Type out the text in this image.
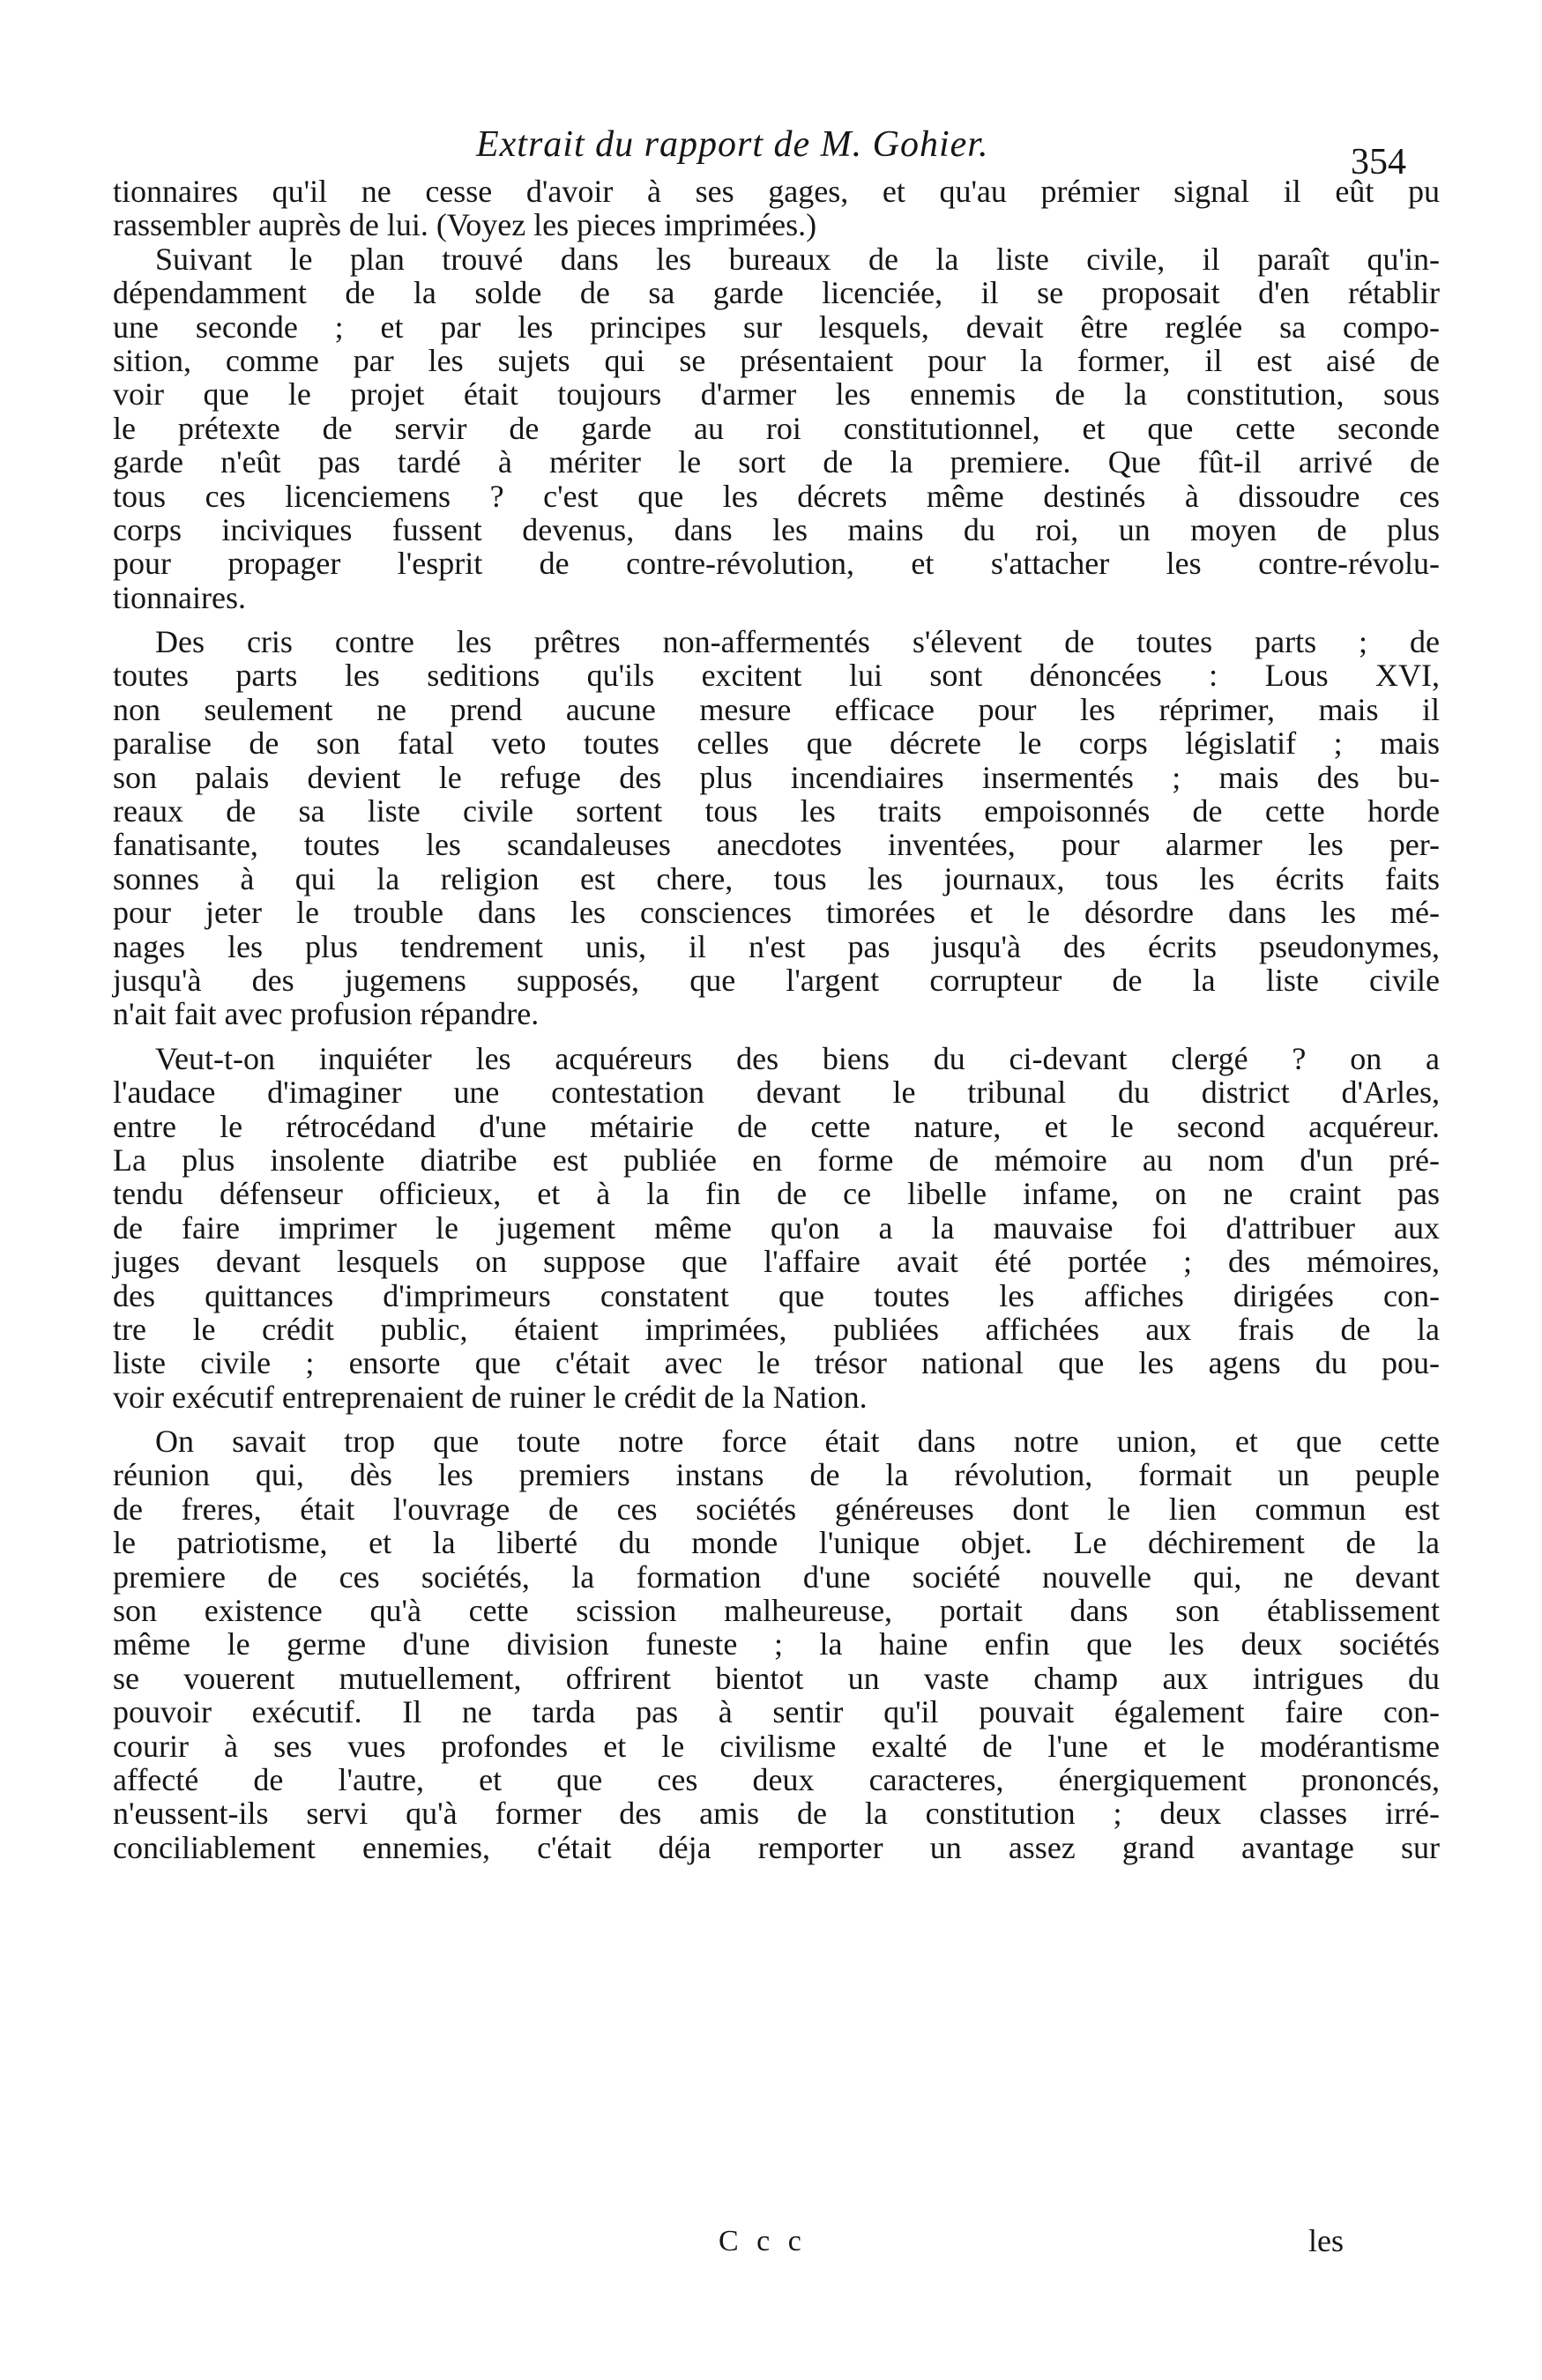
Extrait du rapport de M. Gohier.	354

tionnaires qu'il ne cesse d'avoir à ses gages, et qu'au prémier signal il eût pu
rassembler auprès de lui. (Voyez les pieces imprimées.)

Suivant le plan trouvé dans les bureaux de la liste civile, il paraît qu'in-
dépendamment de la solde de sa garde licenciée, il se proposait d'en rétablir
une seconde ; et par les principes sur lesquels, devait être reglée sa compo-
sition, comme par les sujets qui se présentaient pour la former, il est aisé de
voir que le projet était toujours d'armer les ennemis de la constitution, sous
le prétexte de servir de garde au roi constitutionnel, et que cette seconde
garde n'eût pas tardé à mériter le sort de la premiere. Que fût-il arrivé de
tous ces licenciemens ? c'est que les décrets même destinés à dissoudre ces
corps inciviques fussent devenus, dans les mains du roi, un moyen de plus
pour propager l'esprit de contre-révolution, et s'attacher les contre-révolu-
tionnaires.

Des cris contre les prêtres non-affermentés s'élevent de toutes parts ; de
toutes parts les seditions qu'ils excitent lui sont dénoncées : Lous XVI,
non seulement ne prend aucune mesure efficace pour les réprimer, mais il
paralise de son fatal veto toutes celles que décrete le corps législatif ; mais
son palais devient le refuge des plus incendiaires insermentés ; mais des bu-
reaux de sa liste civile sortent tous les traits empoisonnés de cette horde
fanatisante, toutes les scandaleuses anecdotes inventées, pour alarmer les per-
sonnes à qui la religion est chere, tous les journaux, tous les écrits faits
pour jeter le trouble dans les consciences timorées et le désordre dans les mé-
nages les plus tendrement unis, il n'est pas jusqu'à des écrits pseudonymes,
jusqu'à des jugemens supposés, que l'argent corrupteur de la liste civile
n'ait fait avec profusion répandre.

Veut-t-on inquiéter les acquéreurs des biens du ci-devant clergé ? on a
l'audace d'imaginer une contestation devant le tribunal du district d'Arles,
entre le rétrocédand d'une métairie de cette nature, et le second acquéreur.
La plus insolente diatribe est publiée en forme de mémoire au nom d'un pré-
tendu défenseur officieux, et à la fin de ce libelle infame, on ne craint pas
de faire imprimer le jugement même qu'on a la mauvaise foi d'attribuer aux
juges devant lesquels on suppose que l'affaire avait été portée ; des mémoires,
des quittances d'imprimeurs constatent que toutes les affiches dirigées con-
tre le crédit public, étaient imprimées, publiées affichées aux frais de la
liste civile ; ensorte que c'était avec le trésor national que les agens du pou-
voir exécutif entreprenaient de ruiner le crédit de la Nation.

On savait trop que toute notre force était dans notre union, et que cette
réunion qui, dès les premiers instans de la révolution, formait un peuple
de freres, était l'ouvrage de ces sociétés généreuses dont le lien commun est
le patriotisme, et la liberté du monde l'unique objet. Le déchirement de la
premiere de ces sociétés, la formation d'une société nouvelle qui, ne devant
son existence qu'à cette scission malheureuse, portait dans son établissement
même le germe d'une division funeste ; la haine enfin que les deux sociétés
se vouerent mutuellement, offrirent bientot un vaste champ aux intrigues du
pouvoir exécutif. Il ne tarda pas à sentir qu'il pouvait également faire con-
courir à ses vues profondes et le civilisme exalté de l'une et le modérantisme
affecté de l'autre, et que ces deux caracteres, énergiquement prononcés,
n'eussent-ils servi qu'à former des amis de la constitution ; deux classes irré-
conciliablement ennemies, c'était déja remporter un assez grand avantage sur

C c c	les
